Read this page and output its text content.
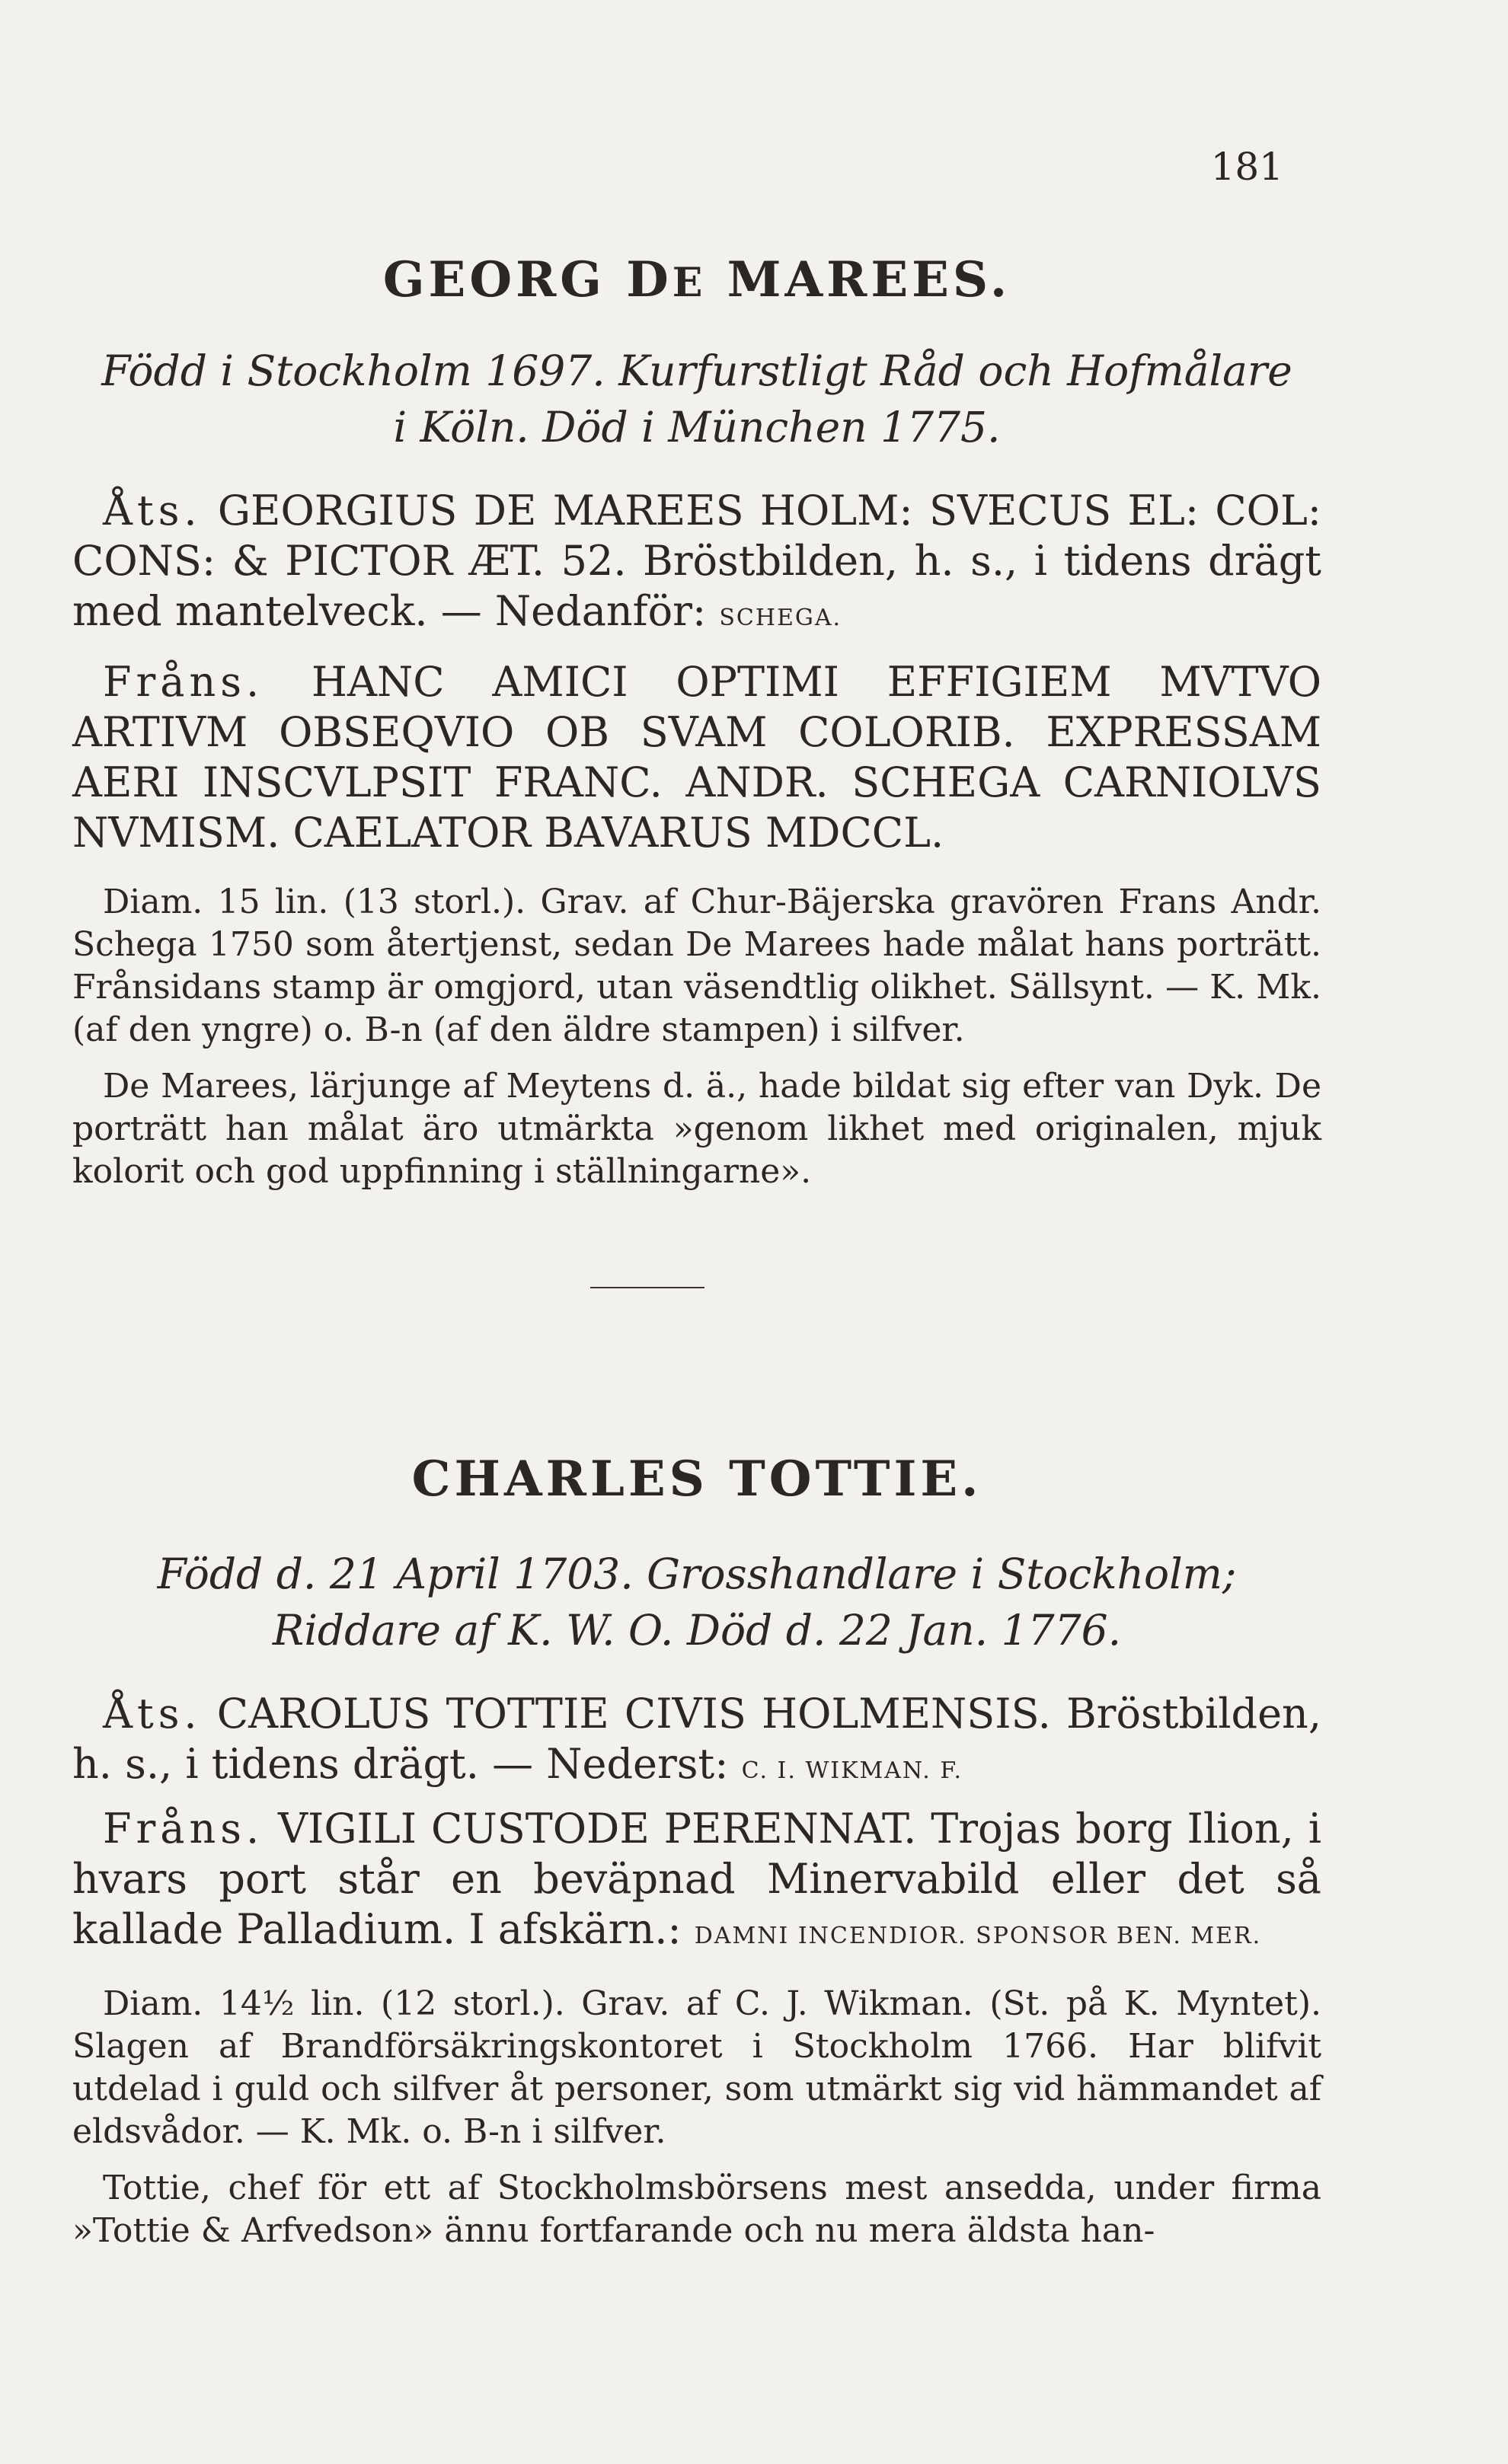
181
GEORG DE MAREES.

Född i Stockholm 1697. Kurfurstligt Råd och Hofmålare

i Köln. Död i München 1775.

Åts. GEORGIUS DE MAREES HOLM: SVECUS EL: COL: CONS: & PICTOR ÆT. 52. Bröstbilden, h. s., i tidens drägt med mantelveck. — Nedanför: SCHEGA.

Fråns. HANC AMICI OPTIMI EFFIGIEM MVTVO ARTIVM OBSEQVIO OB SVAM COLORIB. EXPRESSAM AERI INSCVLPSIT FRANC. ANDR. SCHEGA CARNIOLVS NVMISM. CAELATOR BAVARUS MDCCL.

Diam. 15 lin. (13 storl.). Grav. af Chur-Bäjerska gravören Frans Andr. Schega 1750 som återtjenst, sedan De Marees hade målat hans porträtt. Frånsidans stamp är omgjord, utan väsendtlig olikhet. Sällsynt. — K. Mk. (af den yngre) o. B-n (af den äldre stampen) i silfver.

De Marees, lärjunge af Meytens d. ä., hade bildat sig efter van Dyk. De porträtt han målat äro utmärkta »genom likhet med originalen, mjuk kolorit och god uppfinning i ställningarne».

CHARLES TOTTIE.

Född d. 21 April 1703. Grosshandlare i Stockholm;

Riddare af K. W. O. Död d. 22 Jan. 1776.

Åts. CAROLUS TOTTIE CIVIS HOLMENSIS. Bröstbilden, h. s., i tidens drägt. — Nederst: C. I. WIKMAN. F.

Fråns. VIGILI CUSTODE PERENNAT. Trojas borg Ilion, i hvars port står en beväpnad Minervabild eller det så kallade Palladium. I afskärn.: DAMNI INCENDIOR. SPONSOR BEN. MER.

Diam. 14½ lin. (12 storl.). Grav. af C. J. Wikman. (St. på K. Myntet). Slagen af Brandförsäkringskontoret i Stockholm 1766. Har blifvit utdelad i guld och silfver åt personer, som utmärkt sig vid hämmandet af eldsvådor. — K. Mk. o. B-n i silfver.

Tottie, chef för ett af Stockholmsbörsens mest ansedda, under firma »Tottie & Arfvedson» ännu fortfarande och nu mera äldsta han-
